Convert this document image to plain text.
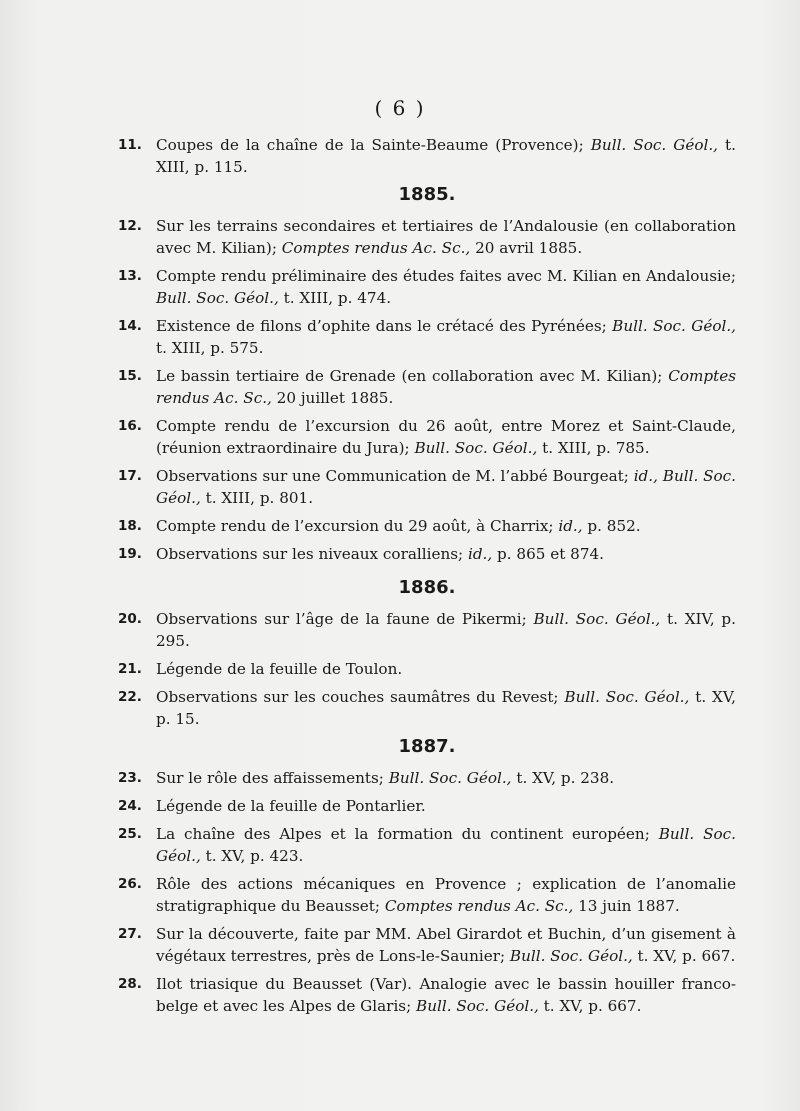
( 6 )
11. Coupes de la chaîne de la Sainte-Beaume (Provence); Bull. Soc. Géol., t. XIII, p. 115.
1885.
12. Sur les terrains secondaires et tertiaires de l’Andalousie (en collaboration avec M. Kilian); Comptes rendus Ac. Sc., 20 avril 1885.
13. Compte rendu préliminaire des études faites avec M. Kilian en Andalousie; Bull. Soc. Géol., t. XIII, p. 474.
14. Existence de filons d’ophite dans le crétacé des Pyrénées; Bull. Soc. Géol., t. XIII, p. 575.
15. Le bassin tertiaire de Grenade (en collaboration avec M. Kilian); Comptes rendus Ac. Sc., 20 juillet 1885.
16. Compte rendu de l’excursion du 26 août, entre Morez et Saint-Claude, (réunion extraordinaire du Jura); Bull. Soc. Géol., t. XIII, p. 785.
17. Observations sur une Communication de M. l’abbé Bourgeat; id., Bull. Soc. Géol., t. XIII, p. 801.
18. Compte rendu de l’excursion du 29 août, à Charrix; id., p. 852.
19. Observations sur les niveaux coralliens; id., p. 865 et 874.
1886.
20. Observations sur l’âge de la faune de Pikermi; Bull. Soc. Géol., t. XIV, p. 295.
21. Légende de la feuille de Toulon.
22. Observations sur les couches saumâtres du Revest; Bull. Soc. Géol., t. XV, p. 15.
1887.
23. Sur le rôle des affaissements; Bull. Soc. Géol., t. XV, p. 238.
24. Légende de la feuille de Pontarlier.
25. La chaîne des Alpes et la formation du continent européen; Bull. Soc. Géol., t. XV, p. 423.
26. Rôle des actions mécaniques en Provence ; explication de l’anomalie stratigraphique du Beausset; Comptes rendus Ac. Sc., 13 juin 1887.
27. Sur la découverte, faite par MM. Abel Girardot et Buchin, d’un gisement à végétaux terrestres, près de Lons-le-Saunier; Bull. Soc. Géol., t. XV, p. 667.
28. Ilot triasique du Beausset (Var). Analogie avec le bassin houiller franco-belge et avec les Alpes de Glaris; Bull. Soc. Géol., t. XV, p. 667.
